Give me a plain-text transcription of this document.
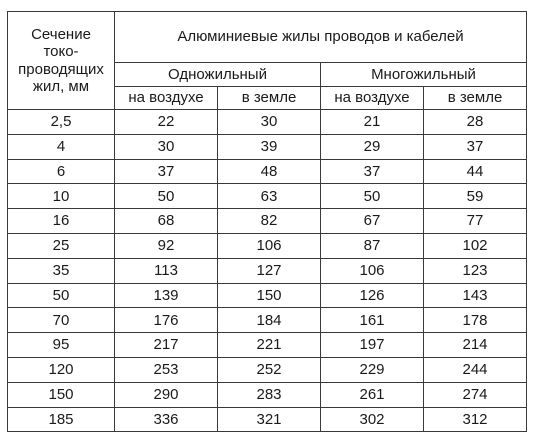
Сечение
токо-
проводящих
жил, мм	Алюминиевые жилы проводов и кабелей			
	Одножильный		Многожильный	
	на воздухе	в земле	на воздухе	в земле
2,5	22	30	21	28
4	30	39	29	37
6	37	48	37	44
10	50	63	50	59
16	68	82	67	77
25	92	106	87	102
35	113	127	106	123
50	139	150	126	143
70	176	184	161	178
95	217	221	197	214
120	253	252	229	244
150	290	283	261	274
185	336	321	302	312
